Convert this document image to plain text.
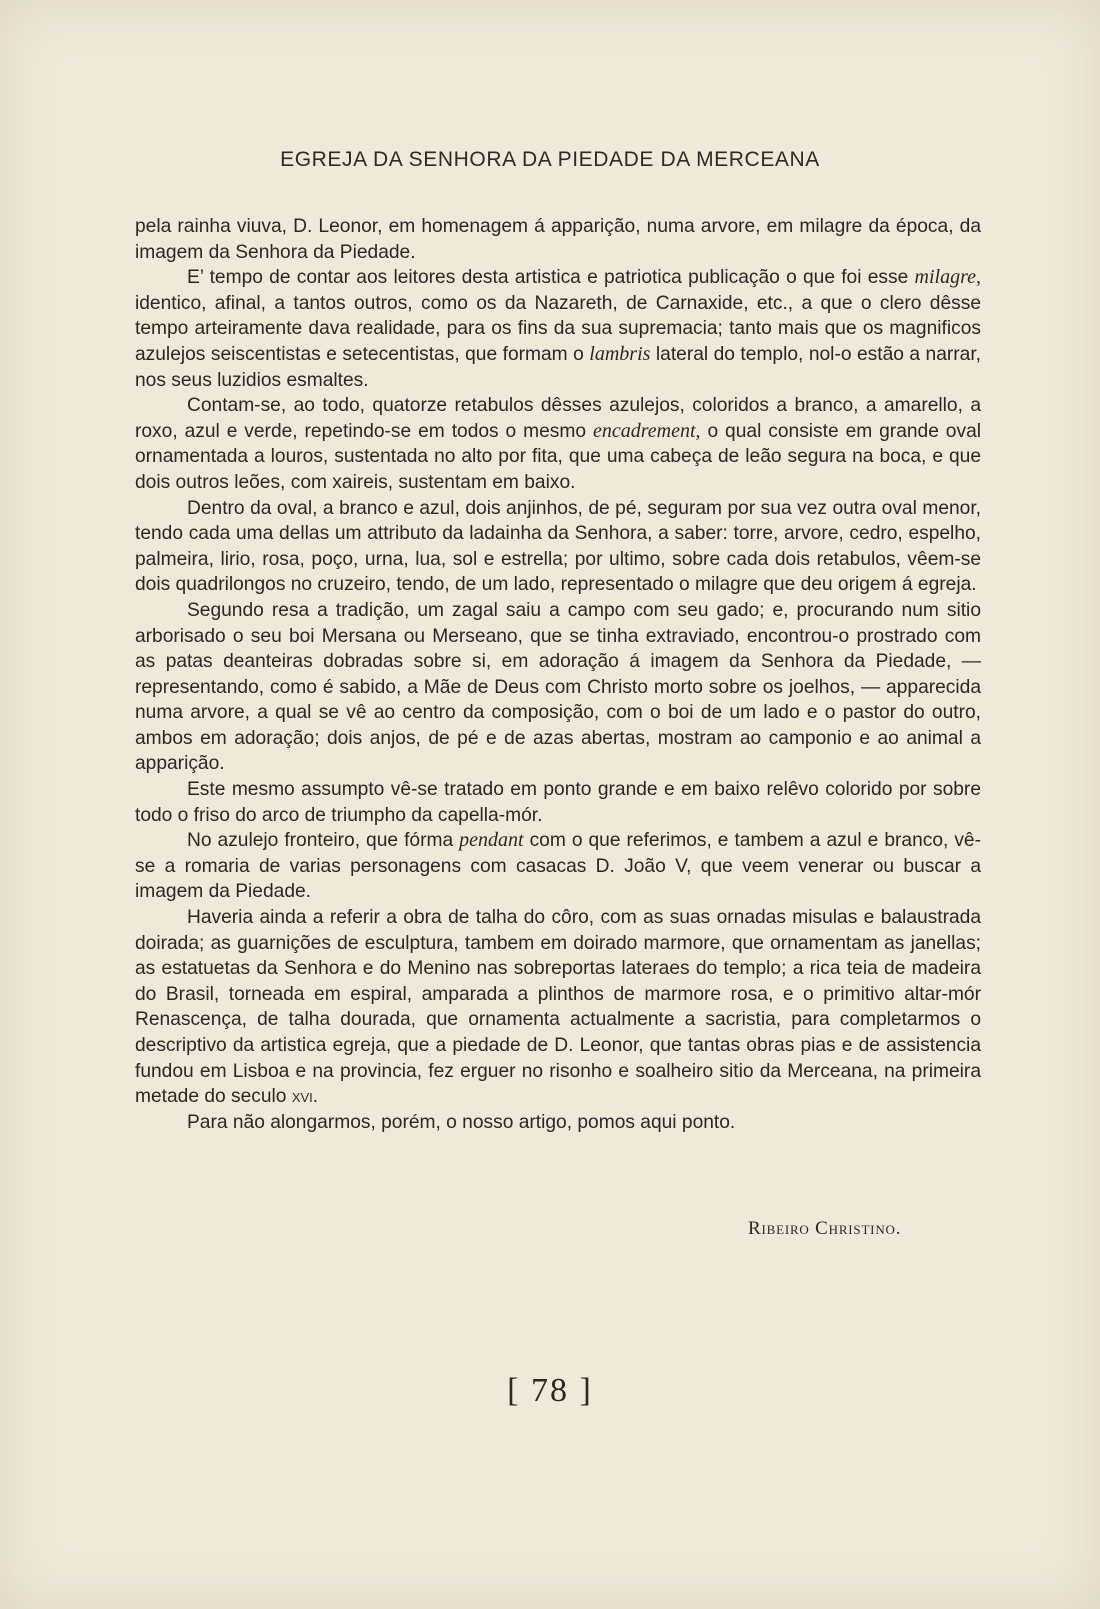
EGREJA DA SENHORA DA PIEDADE DA MERCEANA

pela rainha viuva, D. Leonor, em homenagem á apparição, numa arvore, em milagre da época, da imagem da Senhora da Piedade.

E’ tempo de contar aos leitores desta artistica e patriotica publicação o que foi esse milagre, identico, afinal, a tantos outros, como os da Nazareth, de Carnaxide, etc., a que o clero dêsse tempo arteiramente dava realidade, para os fins da sua supremacia; tanto mais que os magnificos azulejos seiscentistas e setecentistas, que formam o lambris lateral do templo, nol-o estão a narrar, nos seus luzidios esmaltes.

Contam-se, ao todo, quatorze retabulos dêsses azulejos, coloridos a branco, a amarello, a roxo, azul e verde, repetindo-se em todos o mesmo encadrement, o qual consiste em grande oval ornamentada a louros, sustentada no alto por fita, que uma cabeça de leão segura na boca, e que dois outros leões, com xaireis, sustentam em baixo.

Dentro da oval, a branco e azul, dois anjinhos, de pé, seguram por sua vez outra oval menor, tendo cada uma dellas um attributo da ladainha da Senhora, a saber: torre, arvore, cedro, espelho, palmeira, lirio, rosa, poço, urna, lua, sol e estrella; por ultimo, sobre cada dois retabulos, vêem-se dois quadrilongos no cruzeiro, tendo, de um lado, representado o milagre que deu origem á egreja.

Segundo resa a tradição, um zagal saiu a campo com seu gado; e, procurando num sitio arborisado o seu boi Mersana ou Merseano, que se tinha extraviado, encontrou-o prostrado com as patas deanteiras dobradas sobre si, em adoração á imagem da Senhora da Piedade, — representando, como é sabido, a Mãe de Deus com Christo morto sobre os joelhos, — apparecida numa arvore, a qual se vê ao centro da composição, com o boi de um lado e o pastor do outro, ambos em adoração; dois anjos, de pé e de azas abertas, mostram ao camponio e ao animal a apparição.

Este mesmo assumpto vê-se tratado em ponto grande e em baixo relêvo colorido por sobre todo o friso do arco de triumpho da capella-mór.

No azulejo fronteiro, que fórma pendant com o que referimos, e tambem a azul e branco, vê-se a romaria de varias personagens com casacas D. João V, que veem venerar ou buscar a imagem da Piedade.

Haveria ainda a referir a obra de talha do côro, com as suas ornadas misulas e balaustrada doirada; as guarnições de esculptura, tambem em doirado marmore, que ornamentam as janellas; as estatuetas da Senhora e do Menino nas sobreportas lateraes do templo; a rica teia de madeira do Brasil, torneada em espiral, amparada a plinthos de marmore rosa, e o primitivo altar-mór Renascença, de talha dourada, que ornamenta actualmente a sacristia, para completarmos o descriptivo da artistica egreja, que a piedade de D. Leonor, que tantas obras pias e de assistencia fundou em Lisboa e na provincia, fez erguer no risonho e soalheiro sitio da Merceana, na primeira metade do seculo xvi.

Para não alongarmos, porém, o nosso artigo, pomos aqui ponto.

Ribeiro Christino.
[ 78 ]
